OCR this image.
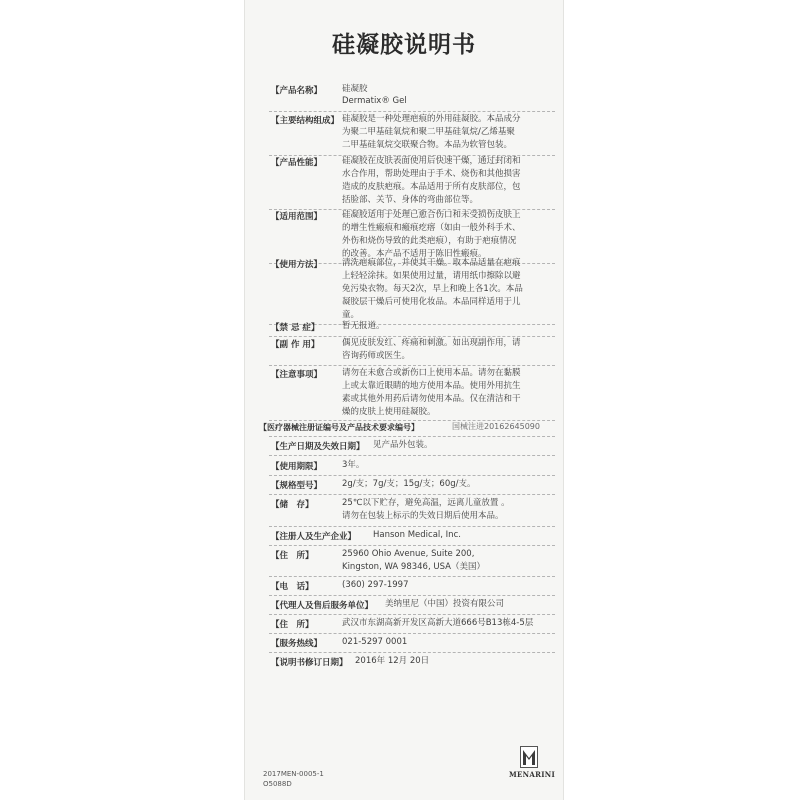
硅凝胶说明书
【产品名称】 硅凝胶
Dermatix® Gel
【主要结构组成】 硅凝胶是一种处理疤痕的外用硅凝胶。本品成分
为聚二甲基硅氧烷和聚二甲基硅氧烷/乙烯基聚
二甲基硅氧烷交联聚合物。本品为软管包装。
【产品性能】 硅凝胶在皮肤表面使用后快速干燥，通过封闭和
水合作用，帮助处理由于手术、烧伤和其他损害
造成的皮肤疤痕。本品适用于所有皮肤部位，包
括脸部、关节、身体的弯曲部位等。
【适用范围】 硅凝胶适用于处理已愈合伤口和未受损伤皮肤上
的增生性瘢痕和瘢痕疙瘩（如由一般外科手术、
外伤和烧伤导致的此类疤痕），有助于疤痕情况
的改善。本产品不适用于陈旧性瘢痕。
【使用方法】 清洗疤痕部位，并使其干燥。取本品适量在疤痕
上轻轻涂抹。如果使用过量，请用纸巾擦除以避
免污染衣物。每天2次，早上和晚上各1次。本品
凝胶层干燥后可使用化妆品。本品同样适用于儿
童。
【禁 忌 症】	暂无报道。
【副 作 用】	偶见皮肤发红、疼痛和刺激。如出现副作用，请
咨询药师或医生。
【注意事项】 请勿在未愈合或新伤口上使用本品。请勿在黏膜
上或太靠近眼睛的地方使用本品。使用外用抗生
素或其他外用药后请勿使用本品。仅在清洁和干
燥的皮肤上使用硅凝胶。
【医疗器械注册证编号及产品技术要求编号】	国械注进20162645090
【生产日期及失效日期】 见产品外包装。
【使用期限】 3年。
【规格型号】 2g/支；7g/支；15g/支；60g/支。
【储　存】	25℃以下贮存，避免高温，远离儿童放置 。
请勿在包装上标示的失效日期后使用本品。
【注册人及生产企业】 Hanson Medical, Inc.
【住　所】	25960 Ohio Avenue, Suite 200,
Kingston, WA 98346, USA（美国）
【电　话】	(360) 297-1997
【代理人及售后服务单位】 美纳里尼（中国）投资有限公司
【住　所】	武汉市东湖高新开发区高新大道666号B13栋4-5层
【服务热线】 021-5297 0001
【说明书修订日期】 2016年 12月 20日
2017MEN-0005-1
O5088D
MENARINI
